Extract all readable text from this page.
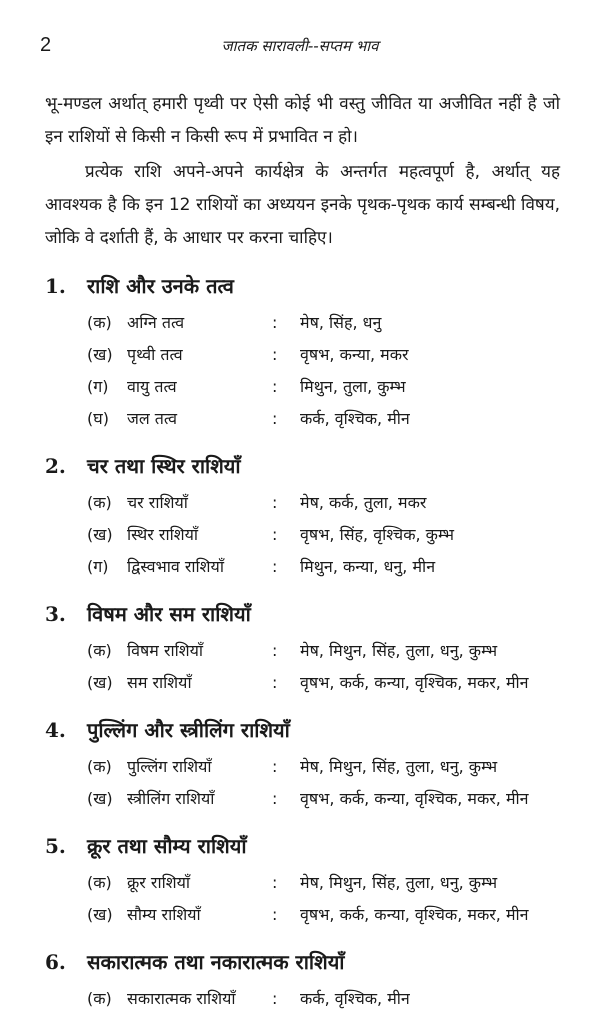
2	जातक सारावली--सप्तम भाव

भू-मण्डल अर्थात् हमारी पृथ्वी पर ऐसी कोई भी वस्तु जीवित या अजीवित नहीं है जो इन राशियों से किसी न किसी रूप में प्रभावित न हो।

प्रत्येक राशि अपने-अपने कार्यक्षेत्र के अन्तर्गत महत्वपूर्ण है, अर्थात् यह आवश्यक है कि इन 12 राशियों का अध्ययन इनके पृथक-पृथक कार्य सम्बन्धी विषय, जोकि वे दर्शाती हैं, के आधार पर करना चाहिए।

1.	राशि और उनके तत्व
(क) अग्नि तत्व	:	मेष, सिंह, धनु
(ख) पृथ्वी तत्व	:	वृषभ, कन्या, मकर
(ग)	वायु तत्व	:	मिथुन, तुला, कुम्भ
(घ)	जल तत्व	:	कर्क, वृश्चिक, मीन
2.	चर तथा स्थिर राशियाँ
(क) चर राशियाँ	:	मेष, कर्क, तुला, मकर
(ख) स्थिर राशियाँ	:	वृषभ, सिंह, वृश्चिक, कुम्भ
(ग)	द्विस्वभाव राशियाँ	:	मिथुन, कन्या, धनु, मीन
3.	विषम और सम राशियाँ
(क) विषम राशियाँ	:	मेष, मिथुन, सिंह, तुला, धनु, कुम्भ
(ख) सम राशियाँ	:	वृषभ, कर्क, कन्या, वृश्चिक, मकर, मीन
4.	पुल्लिंग और स्त्रीलिंग राशियाँ
(क) पुल्लिंग राशियाँ	:	मेष, मिथुन, सिंह, तुला, धनु, कुम्भ
(ख) स्त्रीलिंग राशियाँ	:	वृषभ, कर्क, कन्या, वृश्चिक, मकर, मीन
5.	क्रूर तथा सौम्य राशियाँ
(क) क्रूर राशियाँ	:	मेष, मिथुन, सिंह, तुला, धनु, कुम्भ
(ख) सौम्य राशियाँ	:	वृषभ, कर्क, कन्या, वृश्चिक, मकर, मीन
6.	सकारात्मक तथा नकारात्मक राशियाँ
(क) सकारात्मक राशियाँ	:	कर्क, वृश्चिक, मीन
